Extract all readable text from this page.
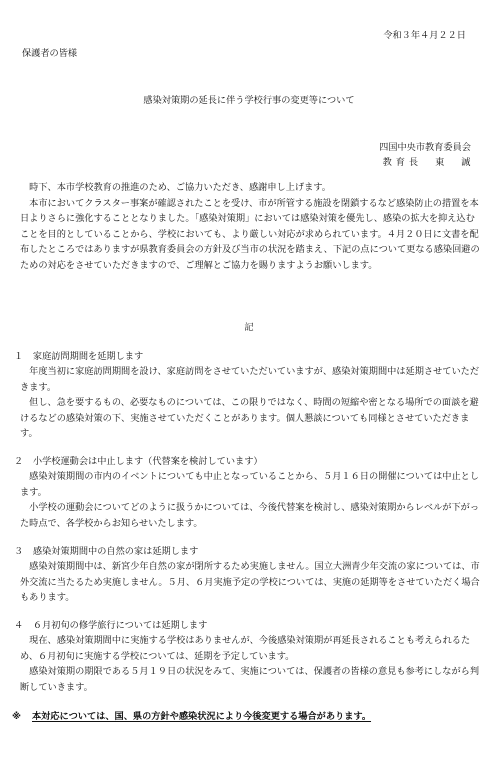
令和３年４月２２日
保護者の皆様
感染対策期の延長に伴う学校行事の変更等について
四国中央市教育委員会
教 育 長 　 東 　 誠

　時下、本市学校教育の推進のため、ご協力いただき、感謝申し上げます。

　本市においてクラスター事案が確認されたことを受け、市が所管する施設を閉鎖するなど感染防止の措置を本日よりさらに強化することとなりました。「感染対策期」においては感染対策を優先し、感染の拡大を抑え込むことを目的としていることから、学校においても、より厳しい対応が求められています。４月２０日に文書を配布したところではありますが県教育委員会の方針及び当市の状況を踏まえ、下記の点について更なる感染回避のための対応をさせていただきますので、ご理解とご協力を賜りますようお願いします。

記
１ 家庭訪問期間を延期します

　年度当初に家庭訪問期間を設け、家庭訪問をさせていただいていますが、感染対策期間中は延期させていただきます。

　但し、急を要するもの、必要なものについては、この限りではなく、時間の短縮や密となる場所での面談を避けるなどの感染対策の下、実施させていただくことがあります。個人懇談についても同様とさせていただきます。

２ 小学校運動会は中止します（代替案を検討しています）

　感染対策期間の市内のイベントについても中止となっていることから、５月１６日の開催については中止とします。

　小学校の運動会についてどのように扱うかについては、今後代替案を検討し、感染対策期からレベルが下がった時点で、各学校からお知らせいたします。

３ 感染対策期間中の自然の家は延期します

　感染対策期間中は、新宮少年自然の家が閉所するため実施しません。国立大洲青少年交流の家については、市外交流に当たるため実施しません。５月、６月実施予定の学校については、実施の延期等をさせていただく場合もあります。

４ ６月初旬の修学旅行については延期します

　現在、感染対策期間中に実施する学校はありませんが、今後感染対策期が再延長されることも考えられるため、６月初旬に実施する学校については、延期を予定しています。

　感染対策期の期限である５月１９日の状況をみて、実施については、保護者の皆様の意見も参考にしながら判断していきます。

※ 本対応については、国、県の方針や感染状況により今後変更する場合があります。
